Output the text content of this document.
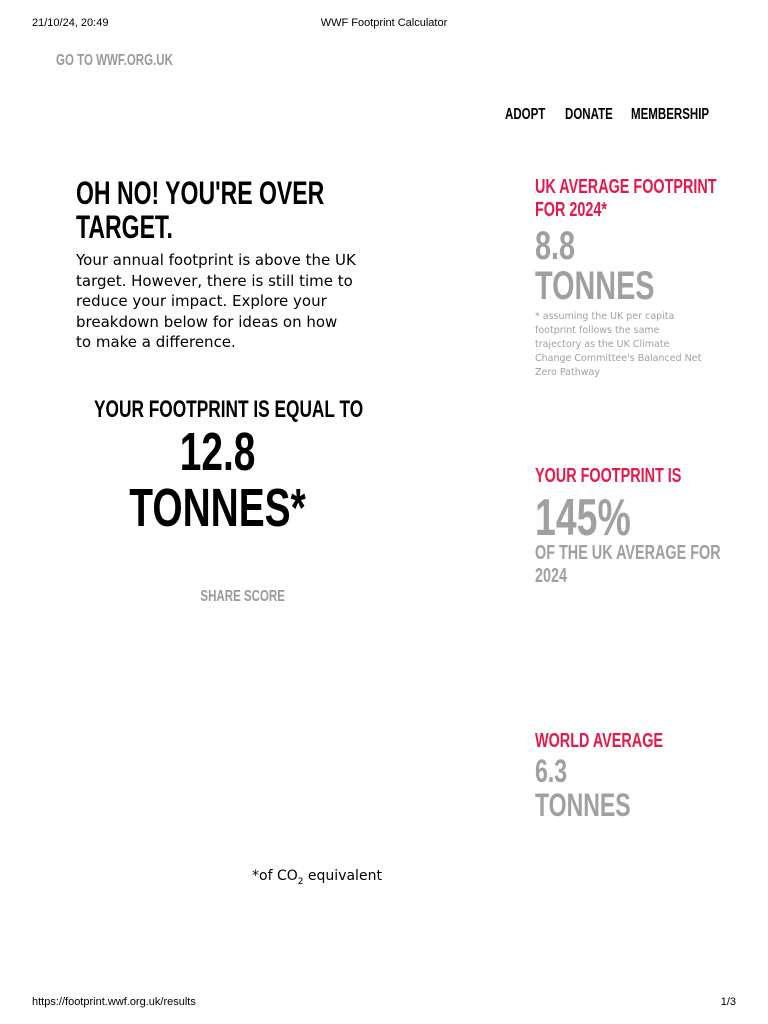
21/10/24, 20:49	WWF Footprint Calculator
GO TO WWF.ORG.UK
ADOPT DONATE MEMBERSHIP
OH NO! YOU'RE OVER
TARGET.

Your annual footprint is above the UK target. However, there is still time to reduce your impact. Explore your breakdown below for ideas on how to make a difference.

YOUR FOOTPRINT IS EQUAL TO
12.8
TONNES*
SHARE SCORE
*of $CO_2$ equivalent
UK AVERAGE FOOTPRINT
FOR 2024*
8.8
TONNES

* assuming the UK per capita footprint follows the same trajectory as the UK Climate Change Committee's Balanced Net Zero Pathway

YOUR FOOTPRINT IS
145%
OF THE UK AVERAGE FOR
2024
WORLD AVERAGE
6.3
TONNES
https://footprint.wwf.org.uk/results	1/3
